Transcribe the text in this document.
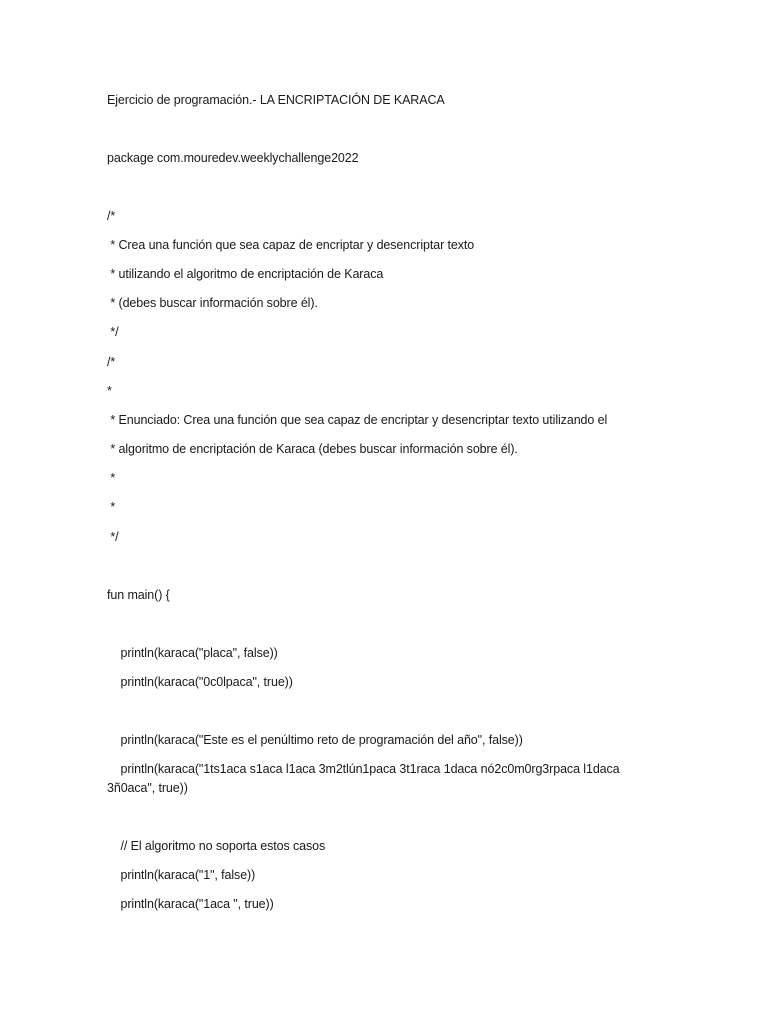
Ejercicio de programación.- LA ENCRIPTACIÓN DE KARACA
package com.mouredev.weeklychallenge2022
/*
* Crea una función que sea capaz de encriptar y desencriptar texto
* utilizando el algoritmo de encriptación de Karaca
* (debes buscar información sobre él).
*/
/*
*
* Enunciado: Crea una función que sea capaz de encriptar y desencriptar texto utilizando el
* algoritmo de encriptación de Karaca (debes buscar información sobre él).
*
*
*/
fun main() {
println(karaca("placa", false))
println(karaca("0c0lpaca", true))
println(karaca("Este es el penúltimo reto de programación del año", false))
println(karaca("1ts1aca s1aca l1aca 3m2tlún1paca 3t1raca 1daca nó2c0m0rg3rpaca l1daca
3ñ0aca", true))
// El algoritmo no soporta estos casos
println(karaca("1", false))
println(karaca("1aca ", true))
